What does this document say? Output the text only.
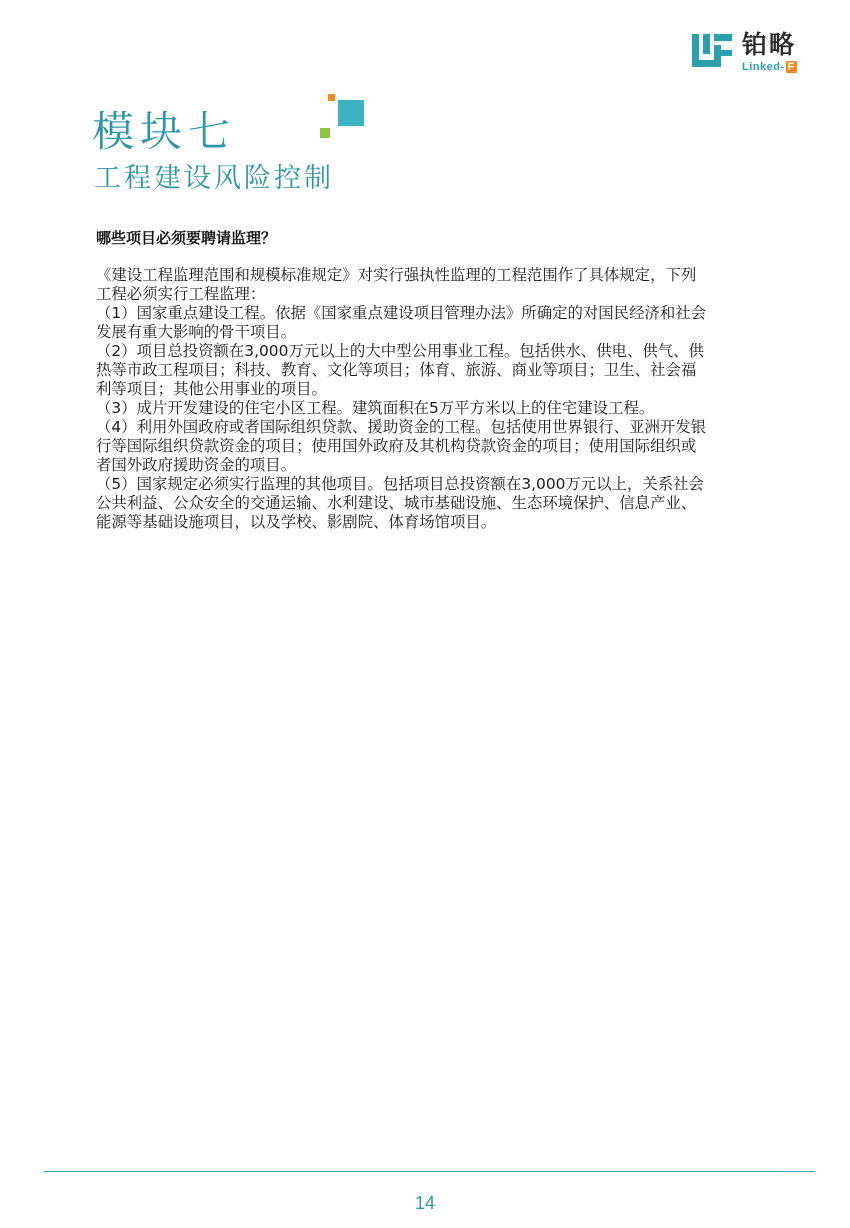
铂略
Linked- F
模块七
工程建设风险控制
哪些项目必须要聘请监理？
《建设工程监理范围和规模标准规定》对实行强执性监理的工程范围作了具体规定，下列
工程必须实行工程监理：
（1）国家重点建设工程。依据《国家重点建设项目管理办法》所确定的对国民经济和社会
发展有重大影响的骨干项目。
（2）项目总投资额在3,000万元以上的大中型公用事业工程。包括供水、供电、供气、供
热等市政工程项目；科技、教育、文化等项目；体育、旅游、商业等项目；卫生、社会福
利等项目；其他公用事业的项目。
（3）成片开发建设的住宅小区工程。建筑面积在5万平方米以上的住宅建设工程。
（4）利用外国政府或者国际组织贷款、援助资金的工程。包括使用世界银行、亚洲开发银
行等国际组织贷款资金的项目；使用国外政府及其机构贷款资金的项目；使用国际组织或
者国外政府援助资金的项目。
（5）国家规定必须实行监理的其他项目。包括项目总投资额在3,000万元以上，关系社会
公共利益、公众安全的交通运输、水利建设、城市基础设施、生态环境保护、信息产业、
能源等基础设施项目，以及学校、影剧院、体育场馆项目。
14
